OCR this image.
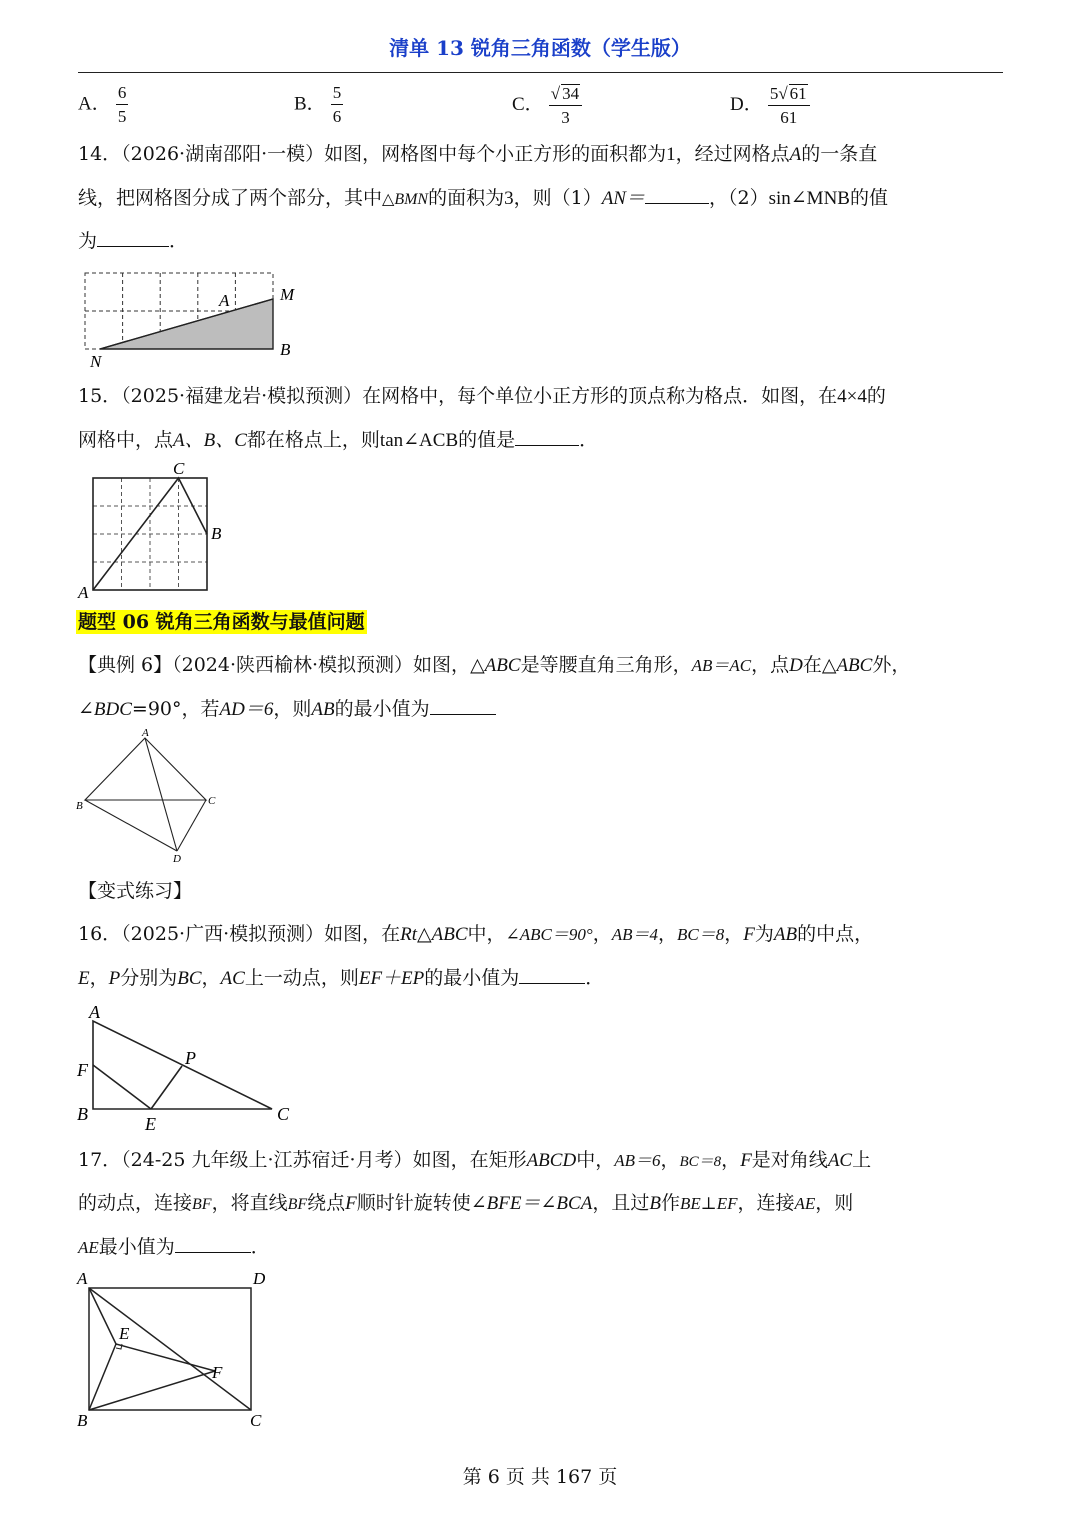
清单 13 锐角三角函数（学生版）
A． $\frac{6}{5}$	B． $\frac{5}{6}$	C． $\frac{√ 34}{3}$	D． $\frac{5√ 61}{61}$
14．（2026·湖南邵阳·一模）如图，网格图中每个小正方形的面积都为1，经过网格点A的一条直
线，把网格图分成了两个部分，其中△BMN的面积为3，则（1）AN＝	，（2）sin∠MNB的值
为	．
A	M
B
N
15．（2025·福建龙岩·模拟预测）在网格中，每个单位小正方形的顶点称为格点．如图，在4×4的
网格中，点A、B、C都在格点上，则tan∠ACB的值是	．
C
B
A
题型 06 锐角三角函数与最值问题
【典例 6】（2024·陕西榆林·模拟预测）如图，△ABC是等腰直角三角形，AB＝AC，点D在△ABC外，
∠BDC=90°，若AD＝6，则AB的最小值为
A
B	C
D
【变式练习】
16．（2025·广西·模拟预测）如图，在Rt△ABC中，∠ABC＝90°，AB＝4，BC＝8，F为AB的中点，
E，P分别为BC，AC上一动点，则EF＋EP的最小值为	．
A
F
B	E
P
C
17．（24-25 九年级上·江苏宿迁·月考）如图，在矩形ABCD中，AB＝6，BC＝8，F是对角线AC上
的动点，连接BF，将直线BF绕点F顺时针旋转使∠BFE＝∠BCA，且过B作BE⊥EF，连接AE，则
AE最小值为	．
A	D
E
F
B	C
第 6 页 共 167 页
